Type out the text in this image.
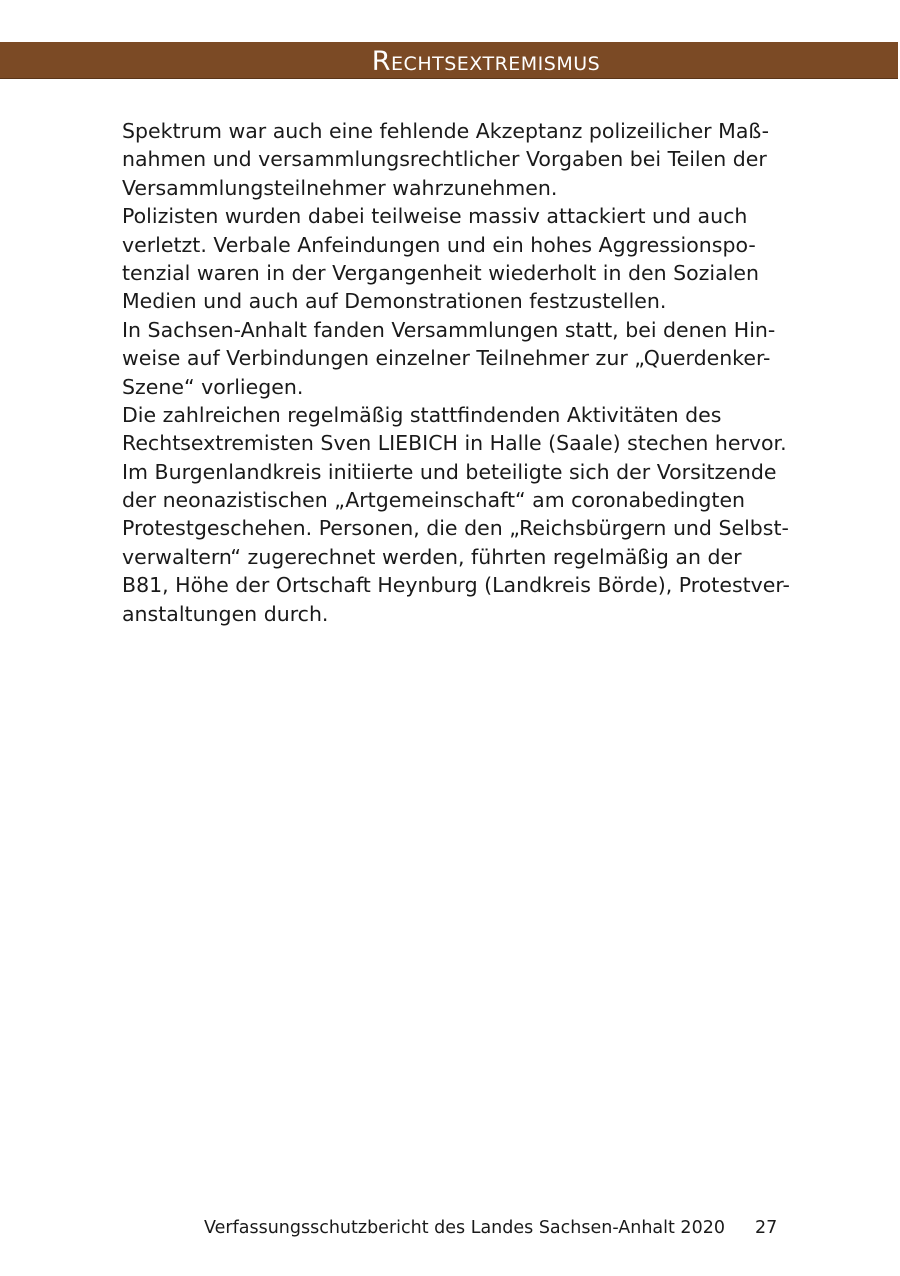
Rechtsextremismus
Spektrum war auch eine fehlende Akzeptanz polizeilicher Maß-
nahmen und versammlungsrechtlicher Vorgaben bei Teilen der
Versammlungsteilnehmer wahrzunehmen.
Polizisten wurden dabei teilweise massiv attackiert und auch
verletzt. Verbale Anfeindungen und ein hohes Aggressionspo-
tenzial waren in der Vergangenheit wiederholt in den Sozialen
Medien und auch auf Demonstrationen festzustellen.
In Sachsen-Anhalt fanden Versammlungen statt, bei denen Hin-
weise auf Verbindungen einzelner Teilnehmer zur „Querdenker-
Szene“ vorliegen.
Die zahlreichen regelmäßig stattfindenden Aktivitäten des
Rechtsextremisten Sven LIEBICH in Halle (Saale) stechen hervor.
Im Burgenlandkreis initiierte und beteiligte sich der Vorsitzende
der neonazistischen „Artgemeinschaft“ am coronabedingten
Protestgeschehen. Personen, die den „Reichsbürgern und Selbst-
verwaltern“ zugerechnet werden, führten regelmäßig an der
B81, Höhe der Ortschaft Heynburg (Landkreis Börde), Protestver-
anstaltungen durch.
Verfassungsschutzbericht des Landes Sachsen-Anhalt 2020 27
